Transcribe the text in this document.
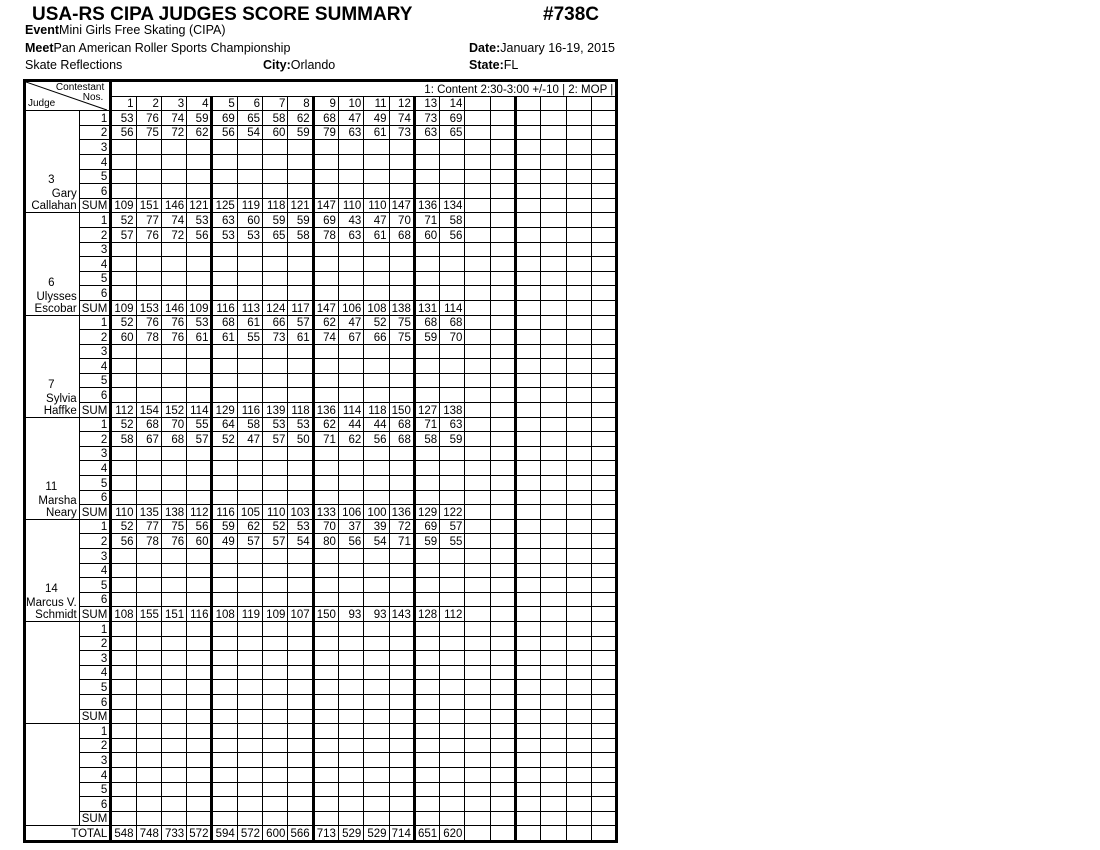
USA-RS CIPA JUDGES SCORE SUMMARY	#738C
EventMini Girls Free Skating (CIPA)
MeetPan American Roller Sports Championship	Date:January 16-19, 2015
Skate Reflections	City:Orlando	State:FL
Contestant
Nos.
Judge		1: Content 2:30-3:00 +/-10 | 2: MOP |																			
		1	2	3	4	5	6	7	8	9	10	11	12	13	14						

3
Gary
Callahan	1	53	76	74	59	69	65	58	62	68	47	49	74	73	69						
	2	56	75	72	62	56	54	60	59	79	63	61	73	63	65						
	3																				
	4																				
	5																				
	6																				
	SUM	109	151	146	121	125	119	118	121	147	110	110	147	136	134						

6
Ulysses
Escobar	1	52	77	74	53	63	60	59	59	69	43	47	70	71	58						
	2	57	76	72	56	53	53	65	58	78	63	61	68	60	56						
	3																				
	4																				
	5																				
	6																				
	SUM	109	153	146	109	116	113	124	117	147	106	108	138	131	114						

7
Sylvia
Haffke	1	52	76	76	53	68	61	66	57	62	47	52	75	68	68						
	2	60	78	76	61	61	55	73	61	74	67	66	75	59	70						
	3																				
	4																				
	5																				
	6																				
	SUM	112	154	152	114	129	116	139	118	136	114	118	150	127	138						

11
Marsha
Neary	1	52	68	70	55	64	58	53	53	62	44	44	68	71	63						
	2	58	67	68	57	52	47	57	50	71	62	56	68	58	59						
	3																				
	4																				
	5																				
	6																				
	SUM	110	135	138	112	116	105	110	103	133	106	100	136	129	122						

14
Marcus V.
Schmidt	1	52	77	75	56	59	62	52	53	70	37	39	72	69	57						
	2	56	78	76	60	49	57	57	54	80	56	54	71	59	55						
	3																				
	4																				
	5																				
	6																				
	SUM	108	155	151	116	108	119	109	107	150	93	93	143	128	112						

	1																				
	2																				
	3																				
	4																				
	5																				
	6																				
	SUM																				

	1																				
	2																				
	3																				
	4																				
	5																				
	6																				
	SUM																				
TOTAL		548	748	733	572	594	572	600	566	713	529	529	714	651	620						
